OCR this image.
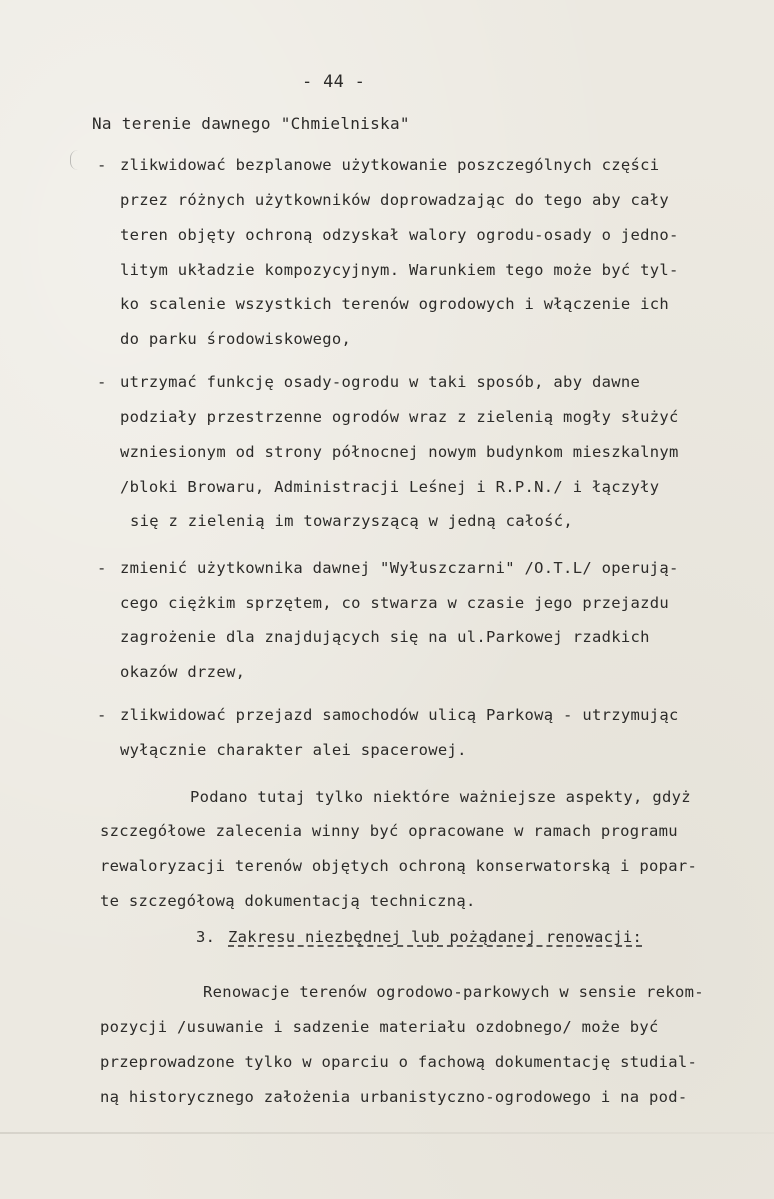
- 44 -
Na terenie dawnego "Chmielniska"
- zlikwidować bezplanowe użytkowanie poszczególnych części
przez różnych użytkowników doprowadzając do tego aby cały
teren objęty ochroną odzyskał walory ogrodu-osady o jedno-
litym układzie kompozycyjnym. Warunkiem tego może być tyl-
ko scalenie wszystkich terenów ogrodowych i włączenie ich
do parku środowiskowego,
- utrzymać funkcję osady-ogrodu w taki sposób, aby dawne
podziały przestrzenne ogrodów wraz z zielenią mogły służyć
wzniesionym od strony północnej nowym budynkom mieszkalnym
/bloki Browaru, Administracji Leśnej i R.P.N./ i łączyły
się z zielenią im towarzyszącą w jedną całość,
- zmienić użytkownika dawnej "Wyłuszczarni" /O.T.L/ operują-
cego ciężkim sprzętem, co stwarza w czasie jego przejazdu
zagrożenie dla znajdujących się na ul.Parkowej rzadkich
okazów drzew,
- zlikwidować przejazd samochodów ulicą Parkową - utrzymując
wyłącznie charakter alei spacerowej.
Podano tutaj tylko niektóre ważniejsze aspekty, gdyż
szczegółowe zalecenia winny być opracowane w ramach programu
rewaloryzacji terenów objętych ochroną konserwatorską i popar-
te szczegółową dokumentacją techniczną.
3. Zakresu niezbędnej lub pożądanej renowacji:
Renowacje terenów ogrodowo-parkowych w sensie rekom-
pozycji /usuwanie i sadzenie materiału ozdobnego/ może być
przeprowadzone tylko w oparciu o fachową dokumentację studial-
ną historycznego założenia urbanistyczno-ogrodowego i na pod-
